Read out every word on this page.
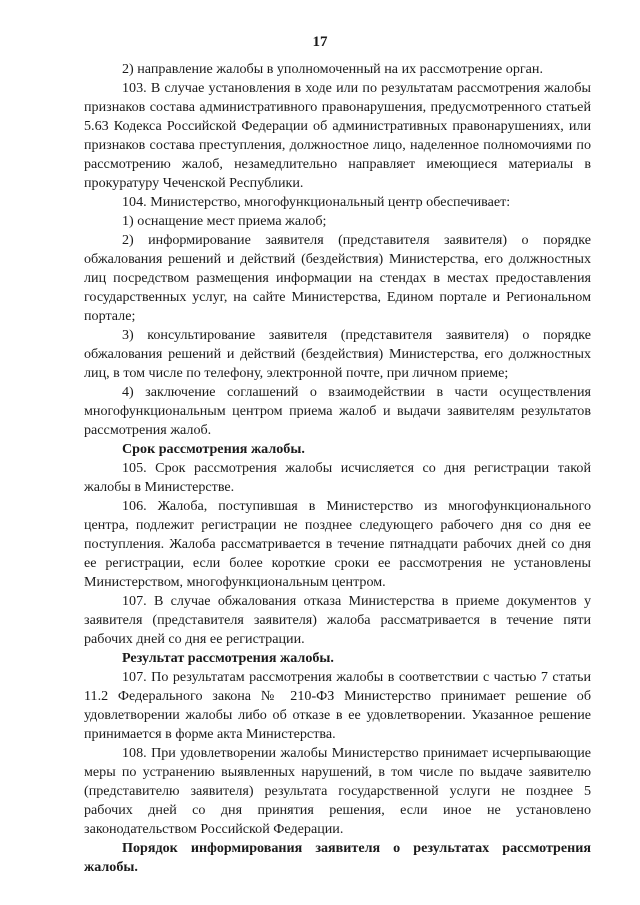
17

2) направление жалобы в уполномоченный на их рассмотрение орган.

103. В случае установления в ходе или по результатам рассмотрения жалобы признаков состава административного правонарушения, предусмотренного статьей 5.63 Кодекса Российской Федерации об административных правонарушениях, или признаков состава преступления, должностное лицо, наделенное полномочиями по рассмотрению жалоб, незамедлительно направляет имеющиеся материалы в прокуратуру Чеченской Республики.

104. Министерство, многофункциональный центр обеспечивает:

1) оснащение мест приема жалоб;

2) информирование заявителя (представителя заявителя) о порядке обжалования решений и действий (бездействия) Министерства, его должностных лиц посредством размещения информации на стендах в местах предоставления государственных услуг, на сайте Министерства, Едином портале и Региональном портале;

3) консультирование заявителя (представителя заявителя) о порядке обжалования решений и действий (бездействия) Министерства, его должностных лиц, в том числе по телефону, электронной почте, при личном приеме;

4) заключение соглашений о взаимодействии в части осуществления многофункциональным центром приема жалоб и выдачи заявителям результатов рассмотрения жалоб.

Срок рассмотрения жалобы.

105. Срок рассмотрения жалобы исчисляется со дня регистрации такой жалобы в Министерстве.

106. Жалоба, поступившая в Министерство из многофункционального центра, подлежит регистрации не позднее следующего рабочего дня со дня ее поступления. Жалоба рассматривается в течение пятнадцати рабочих дней со дня ее регистрации, если более короткие сроки ее рассмотрения не установлены Министерством, многофункциональным центром.

107. В случае обжалования отказа Министерства в приеме документов у заявителя (представителя заявителя) жалоба рассматривается в течение пяти рабочих дней со дня ее регистрации.

Результат рассмотрения жалобы.

107. По результатам рассмотрения жалобы в соответствии с частью 7 статьи 11.2 Федерального закона № 210-ФЗ Министерство принимает решение об удовлетворении жалобы либо об отказе в ее удовлетворении. Указанное решение принимается в форме акта Министерства.

108. При удовлетворении жалобы Министерство принимает исчерпывающие меры по устранению выявленных нарушений, в том числе по выдаче заявителю (представителю заявителя) результата государственной услуги не позднее 5 рабочих дней со дня принятия решения, если иное не установлено законодательством Российской Федерации.

Порядок информирования заявителя о результатах рассмотрения жалобы.
